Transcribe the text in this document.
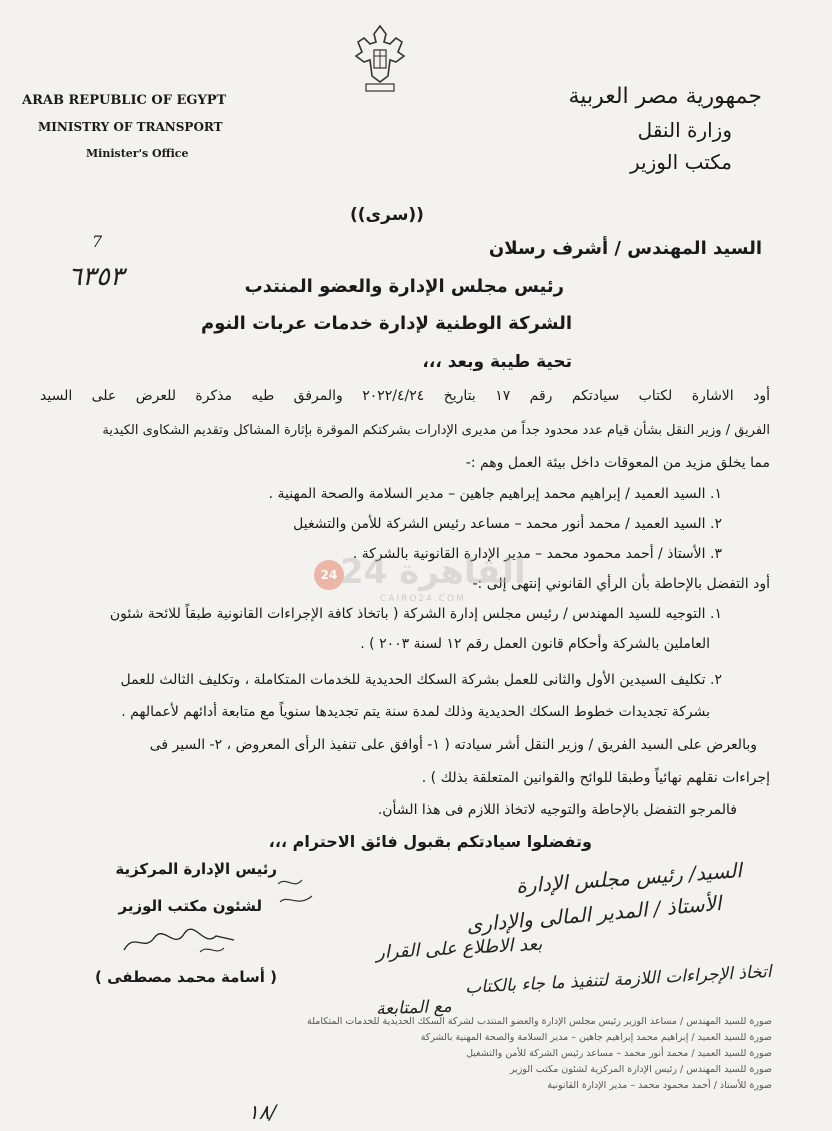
ARAB REPUBLIC OF EGYPT
MINISTRY OF TRANSPORT
Minister's Office
جمهورية مصر العربية
وزارة النقل
مكتب الوزير
((سرى))
7
٦٣٥٣
السيد المهندس / أشرف رسلان
رئيس مجلس الإدارة والعضو المنتدب
الشركة الوطنية لإدارة خدمات عربات النوم
تحية طيبة وبعد ،،،
أود الاشارة لكتاب سيادتكم رقم ١٧ بتاريخ ٢٠٢٢/٤/٢٤ والمرفق طيه مذكرة للعرض على السيد
الفريق / وزير النقل بشأن قيام عدد محدود جداً من مديرى الإدارات بشركتكم الموقرة بإثارة المشاكل وتقديم الشكاوى الكيدية
مما يخلق مزيد من المعوقات داخل بيئة العمل وهم :-
١. السيد العميد / إبراهيم محمد إبراهيم جاهين – مدير السلامة والصحة المهنية .
٢. السيد العميد / محمد أنور محمد – مساعد رئيس الشركة للأمن والتشغيل
٣. الأستاذ / أحمد محمود محمد – مدير الإدارة القانونية بالشركة .
أود التفضل بالإحاطة بأن الرأي القانوني إنتهى إلى :-
١. التوجيه للسيد المهندس / رئيس مجلس إدارة الشركة ( باتخاذ كافة الإجراءات القانونية طبقاً للائحة شئون
العاملين بالشركة وأحكام قانون العمل رقم ١٢ لسنة ٢٠٠٣ ) .
٢. تكليف السيدين الأول والثانى للعمل بشركة السكك الحديدية للخدمات المتكاملة ، وتكليف الثالث للعمل
بشركة تجديدات خطوط السكك الحديدية وذلك لمدة سنة يتم تجديدها سنوياً مع متابعة أدائهم لأعمالهم .
وبالعرض على السيد الفريق / وزير النقل أشر سيادته ( ١- أوافق على تنفيذ الرأى المعروض ، ٢- السير فى
إجراءات نقلهم نهائياً وطبقا للوائح والقوانين المتعلقة بذلك ) .
فالمرجو التفضل بالإحاطة والتوجيه لاتخاذ اللازم فى هذا الشأن.
وتفضلوا سيادتكم بقبول فائق الاحترام ،،،
رئيس الإدارة المركزية
لشئون مكتب الوزير
( أسامة محمد مصطفى )
السيد/ رئيس مجلس الإدارة
الأستاذ / المدير المالى والإدارى
بعد الاطلاع على القرار
اتخاذ الإجراءات اللازمة لتنفيذ ما جاء بالكتاب
مع المتابعة
24 القاهرة 24
CAIRO24.COM
صورة للسيد المهندس / مساعد الوزير رئيس مجلس الإدارة والعضو المنتدب لشركة السكك الحديدية للخدمات المتكاملة
صورة للسيد العميد / إبراهيم محمد إبراهيم جاهين – مدير السلامة والصحة المهنية بالشركة
صورة للسيد العميد / محمد أنور محمد – مساعد رئيس الشركة للأمن والتشغيل
صورة للسيد المهندس / رئيس الإدارة المركزية لشئون مكتب الوزير
صورة للأستاذ / أحمد محمود محمد – مدير الإدارة القانونية
١٨/
